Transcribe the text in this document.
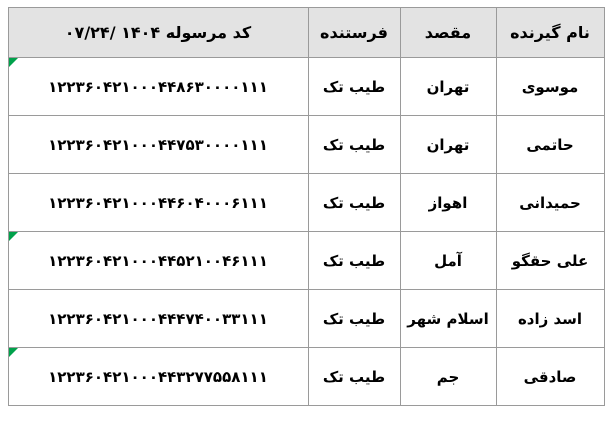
نام گیرنده	مقصد	فرستنده	کد مرسوله ۱۴۰۴ /۰۷/۲۴
موسوی	تهران	طیب تک	۱۲۲۳۶۰۴۲۱۰۰۰۴۴۸۶۳۰۰۰۰۱۱۱
حاتمی	تهران	طیب تک	۱۲۲۳۶۰۴۲۱۰۰۰۴۴۷۵۳۰۰۰۰۱۱۱
حمیدانی	اهواز	طیب تک	۱۲۲۳۶۰۴۲۱۰۰۰۴۴۶۰۴۰۰۰۶۱۱۱
علی حقگو	آمل	طیب تک	۱۲۲۳۶۰۴۲۱۰۰۰۴۴۵۲۱۰۰۴۶۱۱۱
اسد زاده	اسلام شهر	طیب تک	۱۲۲۳۶۰۴۲۱۰۰۰۴۴۴۷۴۰۰۳۳۱۱۱
صادقی	جم	طیب تک	۱۲۲۳۶۰۴۲۱۰۰۰۴۴۳۲۷۷۵۵۸۱۱۱
